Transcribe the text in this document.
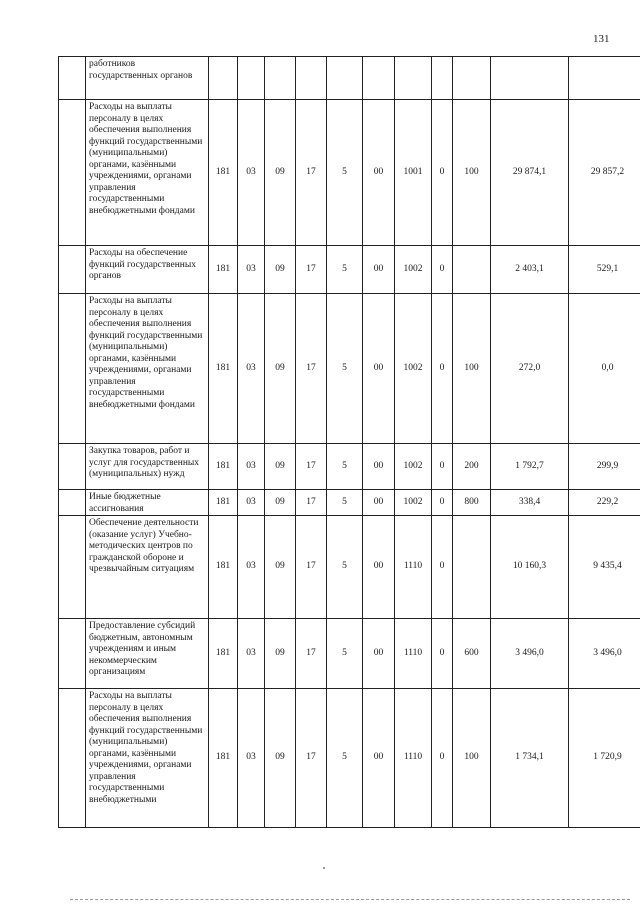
131
	работников государственных органов											
	Расходы на выплаты персоналу в целях обеспечения выполнения функций государственными (муниципальными) органами, казёнными учреждениями, органами управления государственными внебюджетными фондами	181	03	09	17	5	00	1001	0	100	29 874,1	29 857,2
	Расходы на обеспечение функций государственных органов	181	03	09	17	5	00	1002	0		2 403,1	529,1
	Расходы на выплаты персоналу в целях обеспечения выполнения функций государственными (муниципальными) органами, казёнными учреждениями, органами управления государственными внебюджетными фондами	181	03	09	17	5	00	1002	0	100	272,0	0,0
	Закупка товаров, работ и услуг для государственных (муниципальных) нужд	181	03	09	17	5	00	1002	0	200	1 792,7	299,9
	Иные бюджетные ассигнования	181	03	09	17	5	00	1002	0	800	338,4	229,2
	Обеспечение деятельности (оказание услуг) Учебно-методических центров по гражданской обороне и чрезвычайным ситуациям	181	03	09	17	5	00	1110	0		10 160,3	9 435,4
	Предоставление субсидий бюджетным, автономным учреждениям и иным некоммерческим организациям	181	03	09	17	5	00	1110	0	600	3 496,0	3 496,0
	Расходы на выплаты персоналу в целях обеспечения выполнения функций государственными (муниципальными) органами, казёнными учреждениями, органами управления государственными внебюджетными	181	03	09	17	5	00	1110	0	100	1 734,1	1 720,9
